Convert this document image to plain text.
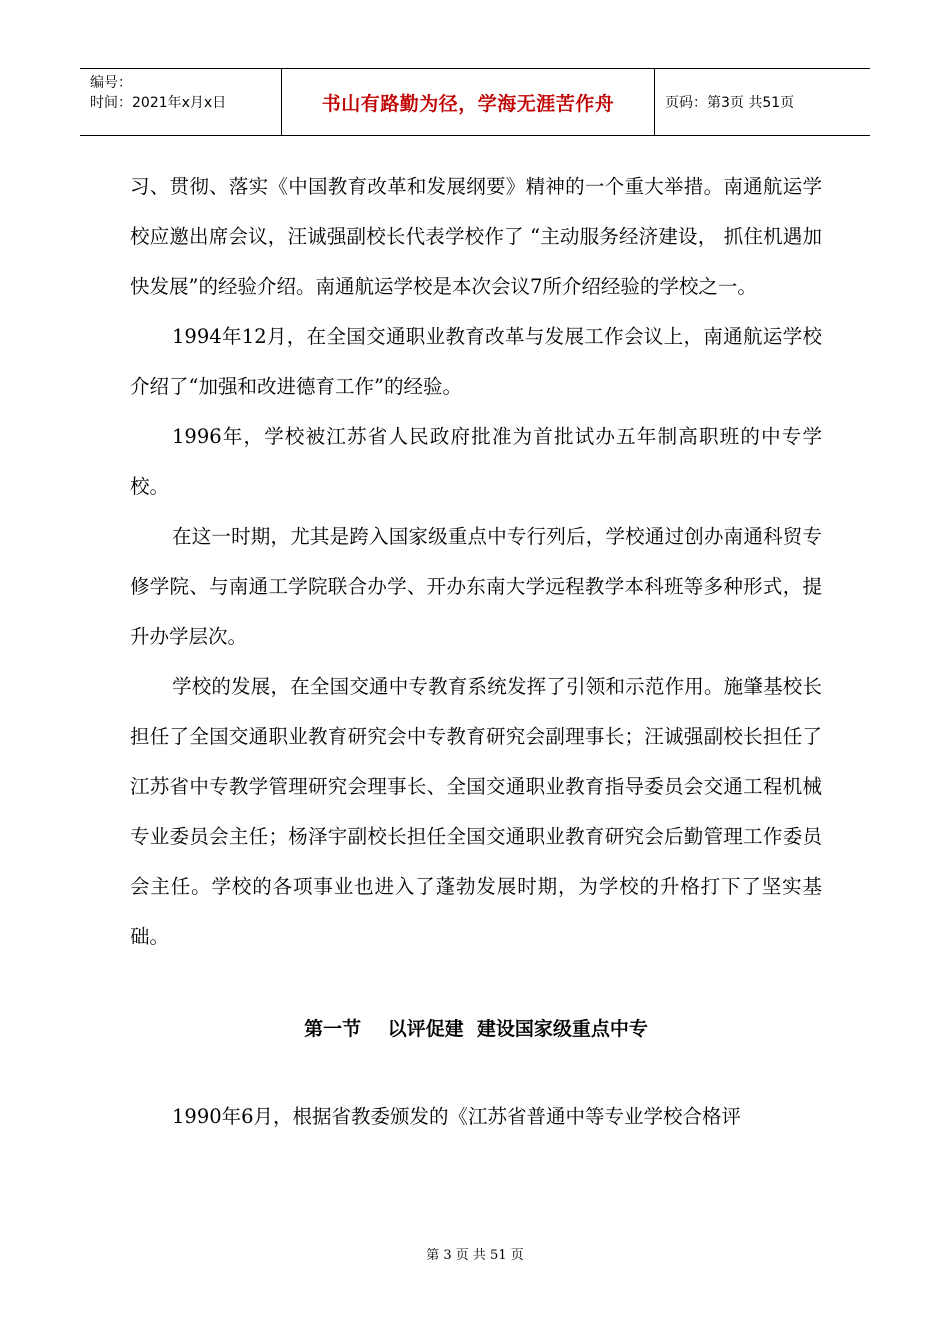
编号：
时间：2021年x月x日	书山有路勤为径，学海无涯苦作舟	页码：第3页 共51页

习、贯彻、落实《中国教育改革和发展纲要》精神的一个重大举措。南通航运学校应邀出席会议，汪诚强副校长代表学校作了 “主动服务经济建设， 抓住机遇加快发展”的经验介绍。南通航运学校是本次会议7所介绍经验的学校之一。

1994年12月，在全国交通职业教育改革与发展工作会议上，南通航运学校介绍了“加强和改进德育工作”的经验。

1996年，学校被江苏省人民政府批准为首批试办五年制高职班的中专学校。

在这一时期，尤其是跨入国家级重点中专行列后，学校通过创办南通科贸专修学院、与南通工学院联合办学、开办东南大学远程教学本科班等多种形式，提升办学层次。

学校的发展，在全国交通中专教育系统发挥了引领和示范作用。施肇基校长担任了全国交通职业教育研究会中专教育研究会副理事长；汪诚强副校长担任了江苏省中专教学管理研究会理事长、全国交通职业教育指导委员会交通工程机械专业委员会主任；杨泽宇副校长担任全国交通职业教育研究会后勤管理工作委员会主任。学校的各项事业也进入了蓬勃发展时期，为学校的升格打下了坚实基础。

第一节    以评促建  建设国家级重点中专

1990年6月，根据省教委颁发的《江苏省普通中等专业学校合格评

第 3 页 共 51 页
